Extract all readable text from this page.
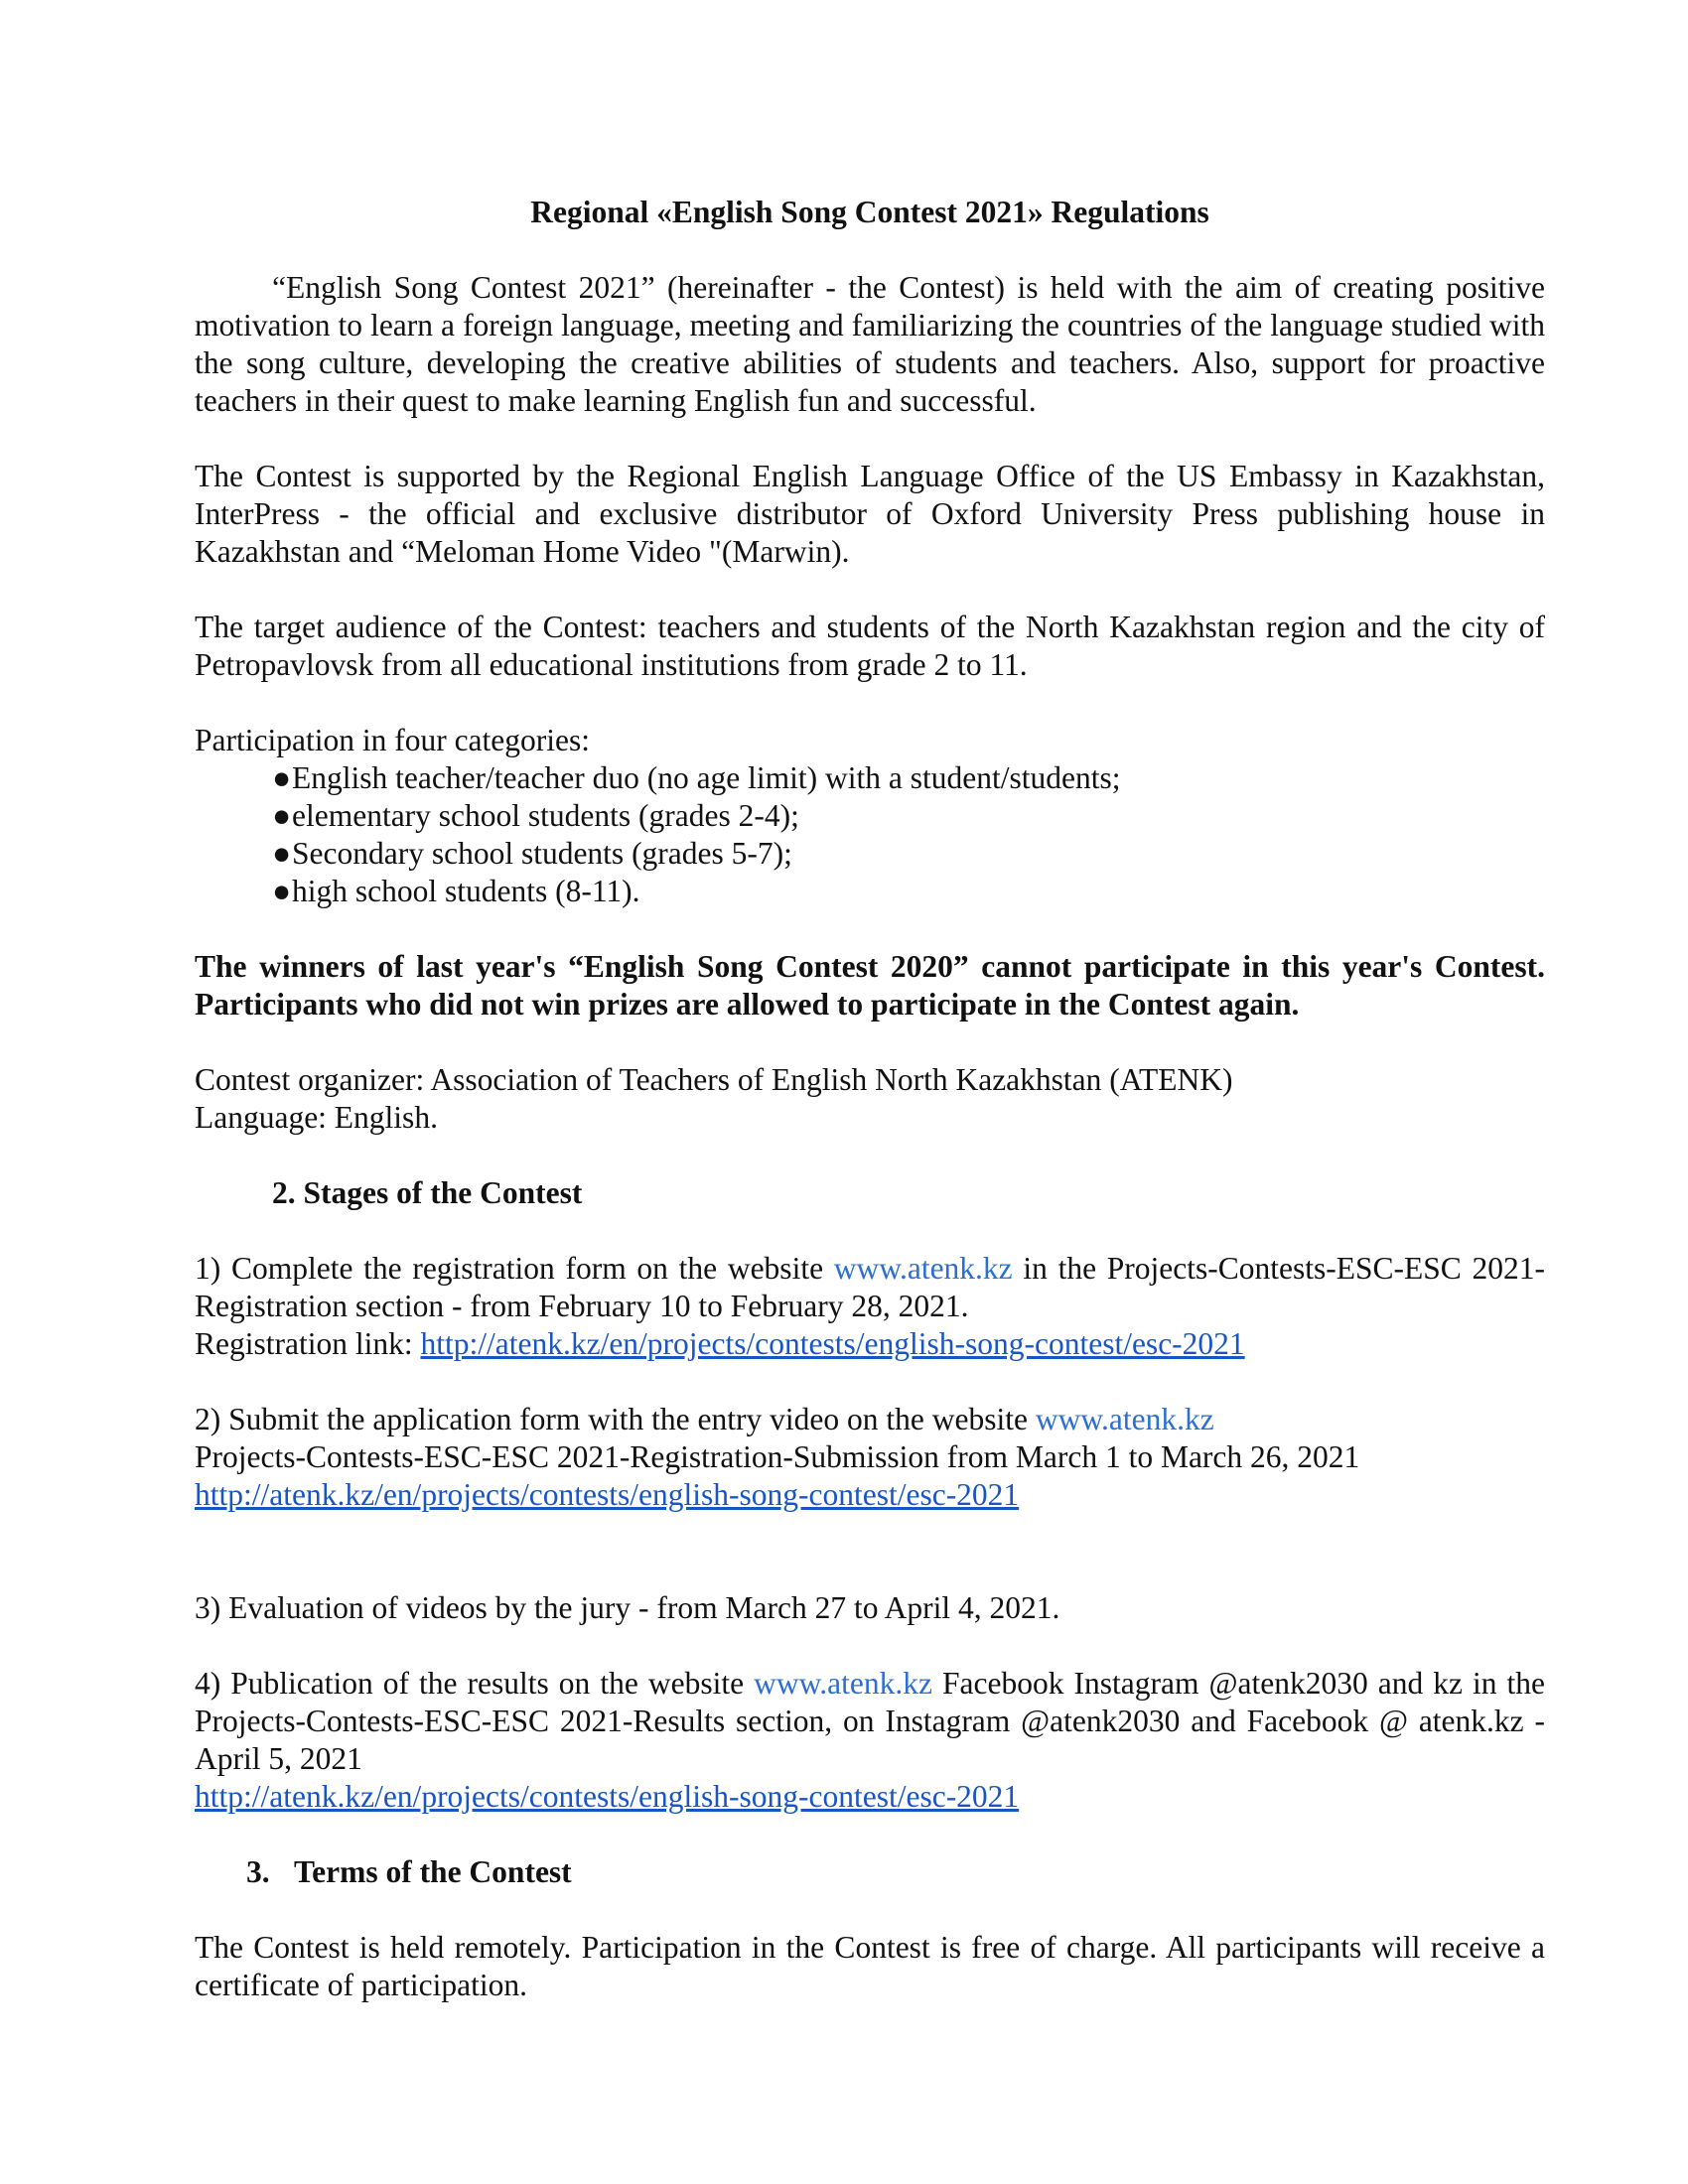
Regional «English Song Contest 2021» Regulations

“English Song Contest 2021” (hereinafter - the Contest) is held with the aim of creating positive motivation to learn a foreign language, meeting and familiarizing the countries of the language studied with the song culture, developing the creative abilities of students and teachers. Also, support for proactive teachers in their quest to make learning English fun and successful.

The Contest is supported by the Regional English Language Office of the US Embassy in Kazakhstan, InterPress - the official and exclusive distributor of Oxford University Press publishing house in Kazakhstan and “Meloman Home Video "(Marwin).

The target audience of the Contest: teachers and students of the North Kazakhstan region and the city of Petropavlovsk from all educational institutions from grade 2 to 11.

Participation in four categories:

● English teacher/teacher duo (no age limit) with a student/students;
● elementary school students (grades 2-4);
● Secondary school students (grades 5-7);
● high school students (8-11).

The winners of last year's “English Song Contest 2020” cannot participate in this year's Contest. Participants who did not win prizes are allowed to participate in the Contest again.

Contest organizer: Association of Teachers of English North Kazakhstan (ATENK)

Language: English.

2. Stages of the Contest

1) Complete the registration form on the website www.atenk.kz in the Projects-Contests-ESC-ESC 2021-Registration section - from February 10 to February 28, 2021.

Registration link: http://atenk.kz/en/projects/contests/english-song-contest/esc-2021

2) Submit the application form with the entry video on the website www.atenk.kz

Projects-Contests-ESC-ESC 2021-Registration-Submission from March 1 to March 26, 2021

http://atenk.kz/en/projects/contests/english-song-contest/esc-2021

3) Evaluation of videos by the jury - from March 27 to April 4, 2021.

4) Publication of the results on the website www.atenk.kz Facebook Instagram @atenk2030 and kz in the Projects-Contests-ESC-ESC 2021-Results section, on Instagram @atenk2030 and Facebook @ atenk.kz - April 5, 2021

http://atenk.kz/en/projects/contests/english-song-contest/esc-2021

3. Terms of the Contest

The Contest is held remotely. Participation in the Contest is free of charge. All participants will receive a certificate of participation.
